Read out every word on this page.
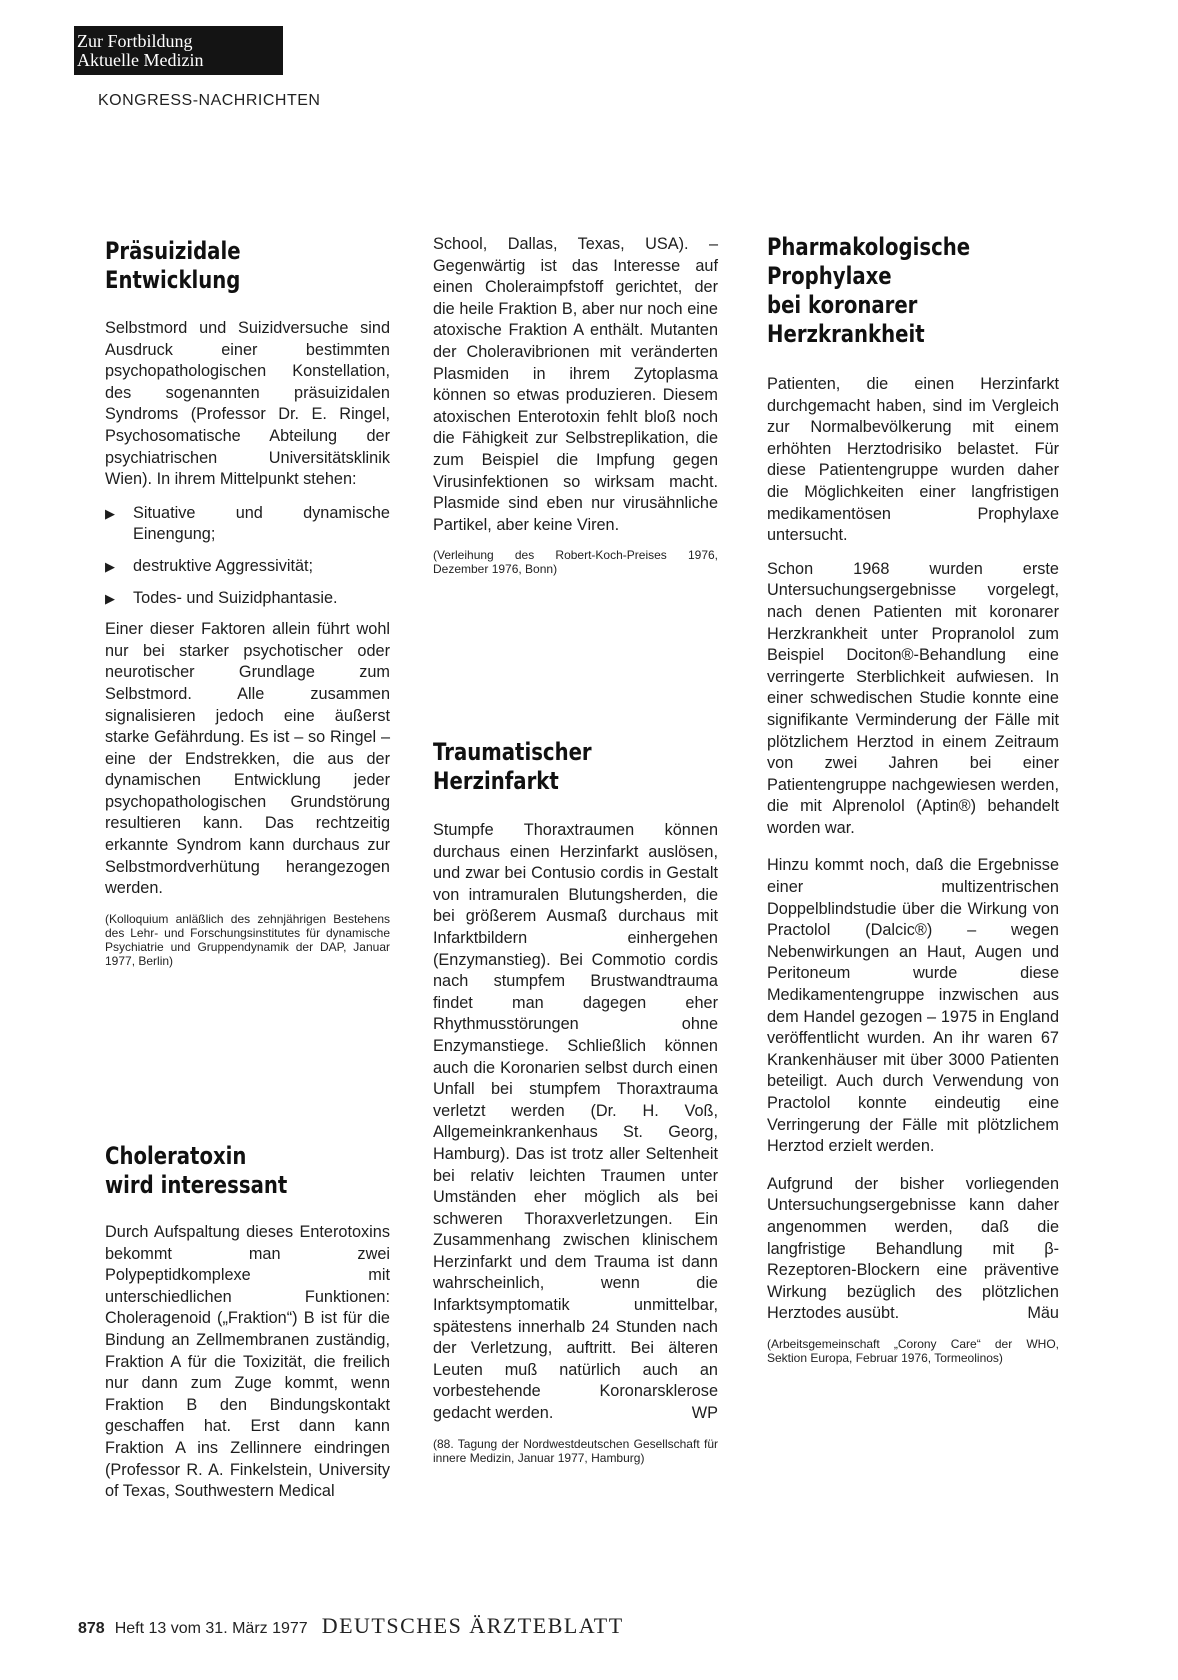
Zur Fortbildung
Aktuelle Medizin
KONGRESS-NACHRICHTEN
Präsuizidale
Entwicklung

Selbstmord und Suizidversuche sind Ausdruck einer bestimmten psychopathologischen Konstellation, des sogenannten präsuizidalen Syndroms (Professor Dr. E. Ringel, Psychosomatische Abteilung der psychiatrischen Universitätsklinik Wien). In ihrem Mittelpunkt stehen:

▶	Situative und dynamische Einengung;
▶	destruktive Aggressivität;
▶	Todes- und Suizidphantasie.

Einer dieser Faktoren allein führt wohl nur bei starker psychotischer oder neurotischer Grundlage zum Selbstmord. Alle zusammen signalisieren jedoch eine äußerst starke Gefährdung. Es ist – so Ringel – eine der Endstrekken, die aus der dynamischen Entwicklung jeder psychopathologischen Grundstörung resultieren kann. Das rechtzeitig erkannte Syndrom kann durchaus zur Selbstmordverhütung herangezogen werden.

(Kolloquium anläßlich des zehnjährigen Bestehens des Lehr- und Forschungsinstitutes für dynamische Psychiatrie und Gruppendynamik der DAP, Januar 1977, Berlin)
Choleratoxin
wird interessant

Durch Aufspaltung dieses Enterotoxins bekommt man zwei Polypeptidkomplexe mit unterschiedlichen Funktionen: Choleragenoid („Fraktion“) B ist für die Bindung an Zellmembranen zuständig, Fraktion A für die Toxizität, die freilich nur dann zum Zuge kommt, wenn Fraktion B den Bindungskontakt geschaffen hat. Erst dann kann Fraktion A ins Zellinnere eindringen (Professor R. A. Finkelstein, University of Texas, Southwestern Medical

School, Dallas, Texas, USA). – Gegenwärtig ist das Interesse auf einen Choleraimpfstoff gerichtet, der die heile Fraktion B, aber nur noch eine atoxische Fraktion A enthält. Mutanten der Choleravibrionen mit veränderten Plasmiden in ihrem Zytoplasma können so etwas produzieren. Diesem atoxischen Enterotoxin fehlt bloß noch die Fähigkeit zur Selbstreplikation, die zum Beispiel die Impfung gegen Virusinfektionen so wirksam macht. Plasmide sind eben nur virusähnliche Partikel, aber keine Viren.

(Verleihung des Robert-Koch-Preises 1976, Dezember 1976, Bonn)
Traumatischer
Herzinfarkt

Stumpfe Thoraxtraumen können durchaus einen Herzinfarkt auslösen, und zwar bei Contusio cordis in Gestalt von intramuralen Blutungsherden, die bei größerem Ausmaß durchaus mit Infarktbildern einhergehen (Enzymanstieg). Bei Commotio cordis nach stumpfem Brustwandtrauma findet man dagegen eher Rhythmusstörungen ohne Enzymanstiege. Schließlich können auch die Koronarien selbst durch einen Unfall bei stumpfem Thoraxtrauma verletzt werden (Dr. H. Voß, Allgemeinkrankenhaus St. Georg, Hamburg). Das ist trotz aller Seltenheit bei relativ leichten Traumen unter Umständen eher möglich als bei schweren Thoraxverletzungen. Ein Zusammenhang zwischen klinischem Herzinfarkt und dem Trauma ist dann wahrscheinlich, wenn die Infarktsymptomatik unmittelbar, spätestens innerhalb 24 Stunden nach der Verletzung, auftritt. Bei älteren Leuten muß natürlich auch an vorbestehende Koronarsklerose gedacht werden.	WP

(88. Tagung der Nordwestdeutschen Gesellschaft für innere Medizin, Januar 1977, Hamburg)
Pharmakologische
Prophylaxe
bei koronarer
Herzkrankheit

Patienten, die einen Herzinfarkt durchgemacht haben, sind im Vergleich zur Normalbevölkerung mit einem erhöhten Herztodrisiko belastet. Für diese Patientengruppe wurden daher die Möglichkeiten einer langfristigen medikamentösen Prophylaxe untersucht.

Schon 1968 wurden erste Untersuchungsergebnisse vorgelegt, nach denen Patienten mit koronarer Herzkrankheit unter Propranolol zum Beispiel Dociton®-Behandlung eine verringerte Sterblichkeit aufwiesen. In einer schwedischen Studie konnte eine signifikante Verminderung der Fälle mit plötzlichem Herztod in einem Zeitraum von zwei Jahren bei einer Patientengruppe nachgewiesen werden, die mit Alprenolol (Aptin®) behandelt worden war.

Hinzu kommt noch, daß die Ergebnisse einer multizentrischen Doppelblindstudie über die Wirkung von Practolol (Dalcic®) – wegen Nebenwirkungen an Haut, Augen und Peritoneum wurde diese Medikamentengruppe inzwischen aus dem Handel gezogen – 1975 in England veröffentlicht wurden. An ihr waren 67 Krankenhäuser mit über 3000 Patienten beteiligt. Auch durch Verwendung von Practolol konnte eindeutig eine Verringerung der Fälle mit plötzlichem Herztod erzielt werden.

Aufgrund der bisher vorliegenden Untersuchungsergebnisse kann daher angenommen werden, daß die langfristige Behandlung mit β-Rezeptoren-Blockern eine präventive Wirkung bezüglich des plötzlichen Herztodes ausübt.	Mäu

(Arbeitsgemeinschaft „Corony Care“ der WHO, Sektion Europa, Februar 1976, Tormeolinos)
878 Heft 13 vom 31. März 1977 DEUTSCHES ÄRZTEBLATT
